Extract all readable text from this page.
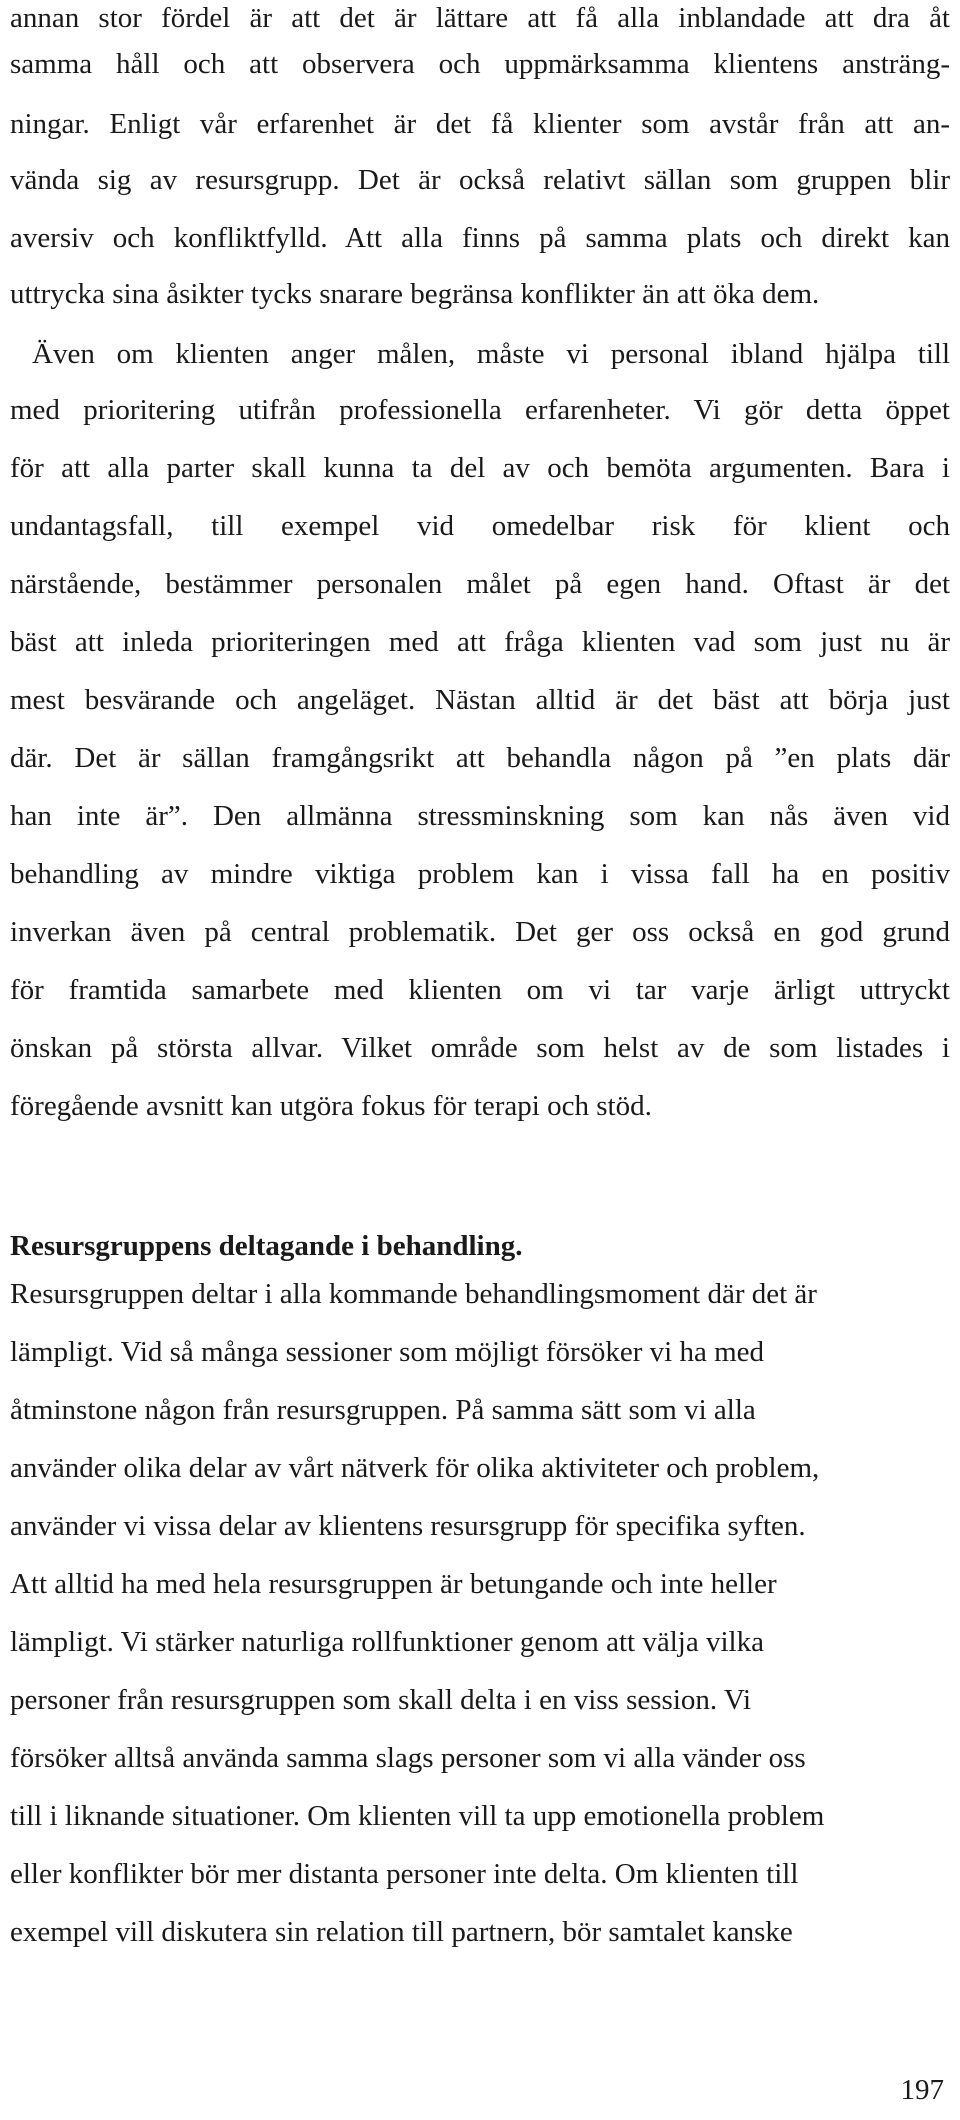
annan stor fördel är att det är lättare att få alla inblandade att dra åt
samma håll och att observera och uppmärksamma klientens ansträng-
ningar. Enligt vår erfarenhet är det få klienter som avstår från att an-
vända sig av resursgrupp. Det är också relativt sällan som gruppen blir
aversiv och konfliktfylld. Att alla finns på samma plats och direkt kan
uttrycka sina åsikter tycks snarare begränsa konflikter än att öka dem.
Även om klienten anger målen, måste vi personal ibland hjälpa till
med prioritering utifrån professionella erfarenheter. Vi gör detta öppet
för att alla parter skall kunna ta del av och bemöta argumenten. Bara i
undantagsfall, till exempel vid omedelbar risk för klient och
närstående, bestämmer personalen målet på egen hand. Oftast är det
bäst att inleda prioriteringen med att fråga klienten vad som just nu är
mest besvärande och angeläget. Nästan alltid är det bäst att börja just
där. Det är sällan framgångsrikt att behandla någon på ”en plats där
han inte är”. Den allmänna stressminskning som kan nås även vid
behandling av mindre viktiga problem kan i vissa fall ha en positiv
inverkan även på central problematik. Det ger oss också en god grund
för framtida samarbete med klienten om vi tar varje ärligt uttryckt
önskan på största allvar. Vilket område som helst av de som listades i
föregående avsnitt kan utgöra fokus för terapi och stöd.
Resursgruppens deltagande i behandling.
Resursgruppen deltar i alla kommande behandlingsmoment där det är
lämpligt. Vid så många sessioner som möjligt försöker vi ha med
åtminstone någon från resursgruppen. På samma sätt som vi alla
använder olika delar av vårt nätverk för olika aktiviteter och problem,
använder vi vissa delar av klientens resursgrupp för specifika syften.
Att alltid ha med hela resursgruppen är betungande och inte heller
lämpligt. Vi stärker naturliga rollfunktioner genom att välja vilka
personer från resursgruppen som skall delta i en viss session. Vi
försöker alltså använda samma slags personer som vi alla vänder oss
till i liknande situationer. Om klienten vill ta upp emotionella problem
eller konflikter bör mer distanta personer inte delta. Om klienten till
exempel vill diskutera sin relation till partnern, bör samtalet kanske
197
